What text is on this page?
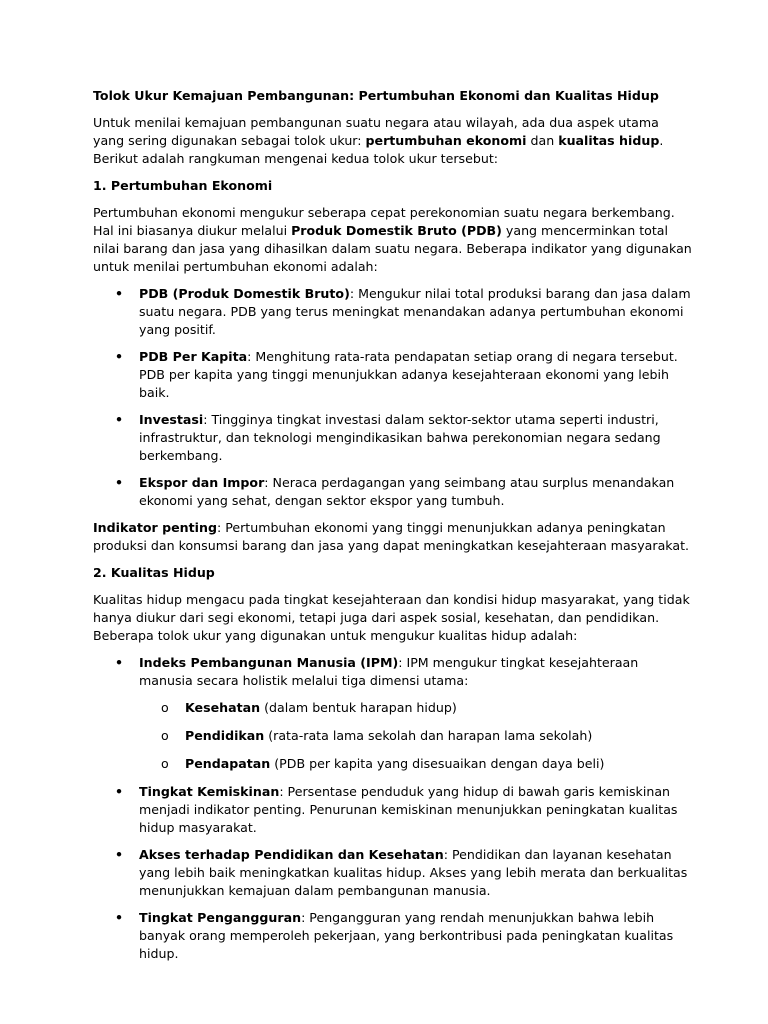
Tolok Ukur Kemajuan Pembangunan: Pertumbuhan Ekonomi dan Kualitas Hidup

Untuk menilai kemajuan pembangunan suatu negara atau wilayah, ada dua aspek utama yang sering digunakan sebagai tolok ukur: pertumbuhan ekonomi dan kualitas hidup. Berikut adalah rangkuman mengenai kedua tolok ukur tersebut:

1. Pertumbuhan Ekonomi

Pertumbuhan ekonomi mengukur seberapa cepat perekonomian suatu negara berkembang. Hal ini biasanya diukur melalui Produk Domestik Bruto (PDB) yang mencerminkan total nilai barang dan jasa yang dihasilkan dalam suatu negara. Beberapa indikator yang digunakan untuk menilai pertumbuhan ekonomi adalah:

• PDB (Produk Domestik Bruto): Mengukur nilai total produksi barang dan jasa dalam suatu negara. PDB yang terus meningkat menandakan adanya pertumbuhan ekonomi yang positif.
• PDB Per Kapita: Menghitung rata-rata pendapatan setiap orang di negara tersebut. PDB per kapita yang tinggi menunjukkan adanya kesejahteraan ekonomi yang lebih baik.
• Investasi: Tingginya tingkat investasi dalam sektor-sektor utama seperti industri, infrastruktur, dan teknologi mengindikasikan bahwa perekonomian negara sedang berkembang.
• Ekspor dan Impor: Neraca perdagangan yang seimbang atau surplus menandakan ekonomi yang sehat, dengan sektor ekspor yang tumbuh.

Indikator penting: Pertumbuhan ekonomi yang tinggi menunjukkan adanya peningkatan produksi dan konsumsi barang dan jasa yang dapat meningkatkan kesejahteraan masyarakat.

2. Kualitas Hidup

Kualitas hidup mengacu pada tingkat kesejahteraan dan kondisi hidup masyarakat, yang tidak hanya diukur dari segi ekonomi, tetapi juga dari aspek sosial, kesehatan, dan pendidikan. Beberapa tolok ukur yang digunakan untuk mengukur kualitas hidup adalah:

• Indeks Pembangunan Manusia (IPM): IPM mengukur tingkat kesejahteraan manusia secara holistik melalui tiga dimensi utama:
o Kesehatan (dalam bentuk harapan hidup)
o Pendidikan (rata-rata lama sekolah dan harapan lama sekolah)
o Pendapatan (PDB per kapita yang disesuaikan dengan daya beli)
• Tingkat Kemiskinan: Persentase penduduk yang hidup di bawah garis kemiskinan menjadi indikator penting. Penurunan kemiskinan menunjukkan peningkatan kualitas hidup masyarakat.
• Akses terhadap Pendidikan dan Kesehatan: Pendidikan dan layanan kesehatan yang lebih baik meningkatkan kualitas hidup. Akses yang lebih merata dan berkualitas menunjukkan kemajuan dalam pembangunan manusia.
• Tingkat Pengangguran: Pengangguran yang rendah menunjukkan bahwa lebih banyak orang memperoleh pekerjaan, yang berkontribusi pada peningkatan kualitas hidup.
